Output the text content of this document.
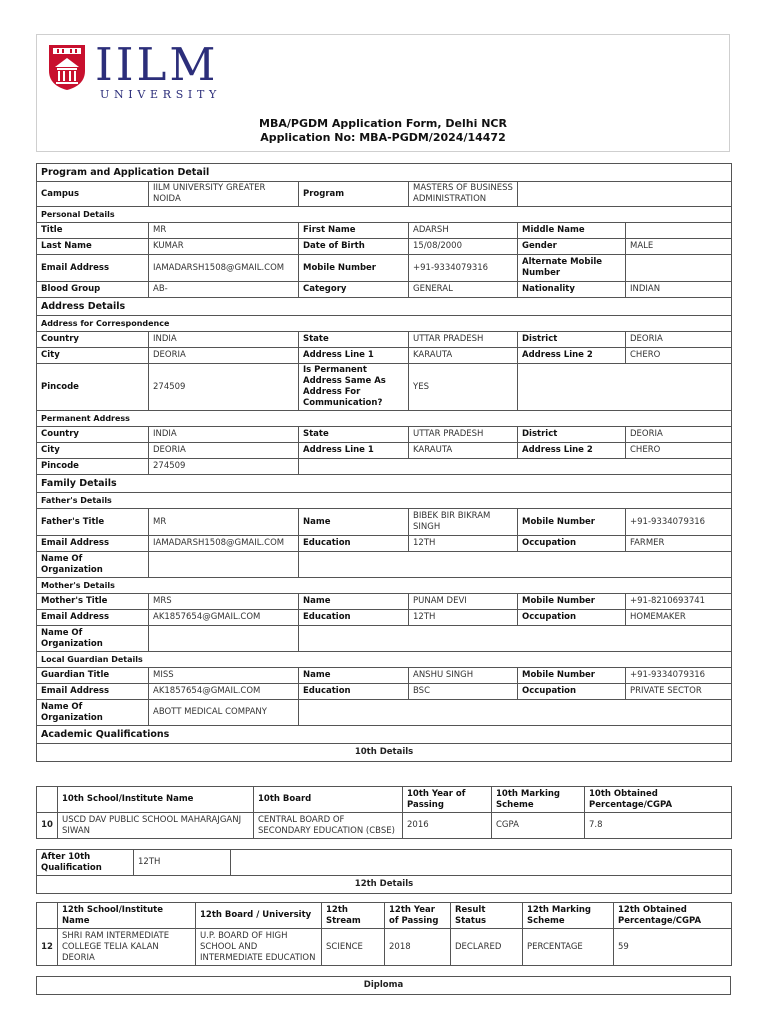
IILM
UNIVERSITY
MBA/PGDM Application Form, Delhi NCR
Application No: MBA-PGDM/2024/14472
Program and Application Detail					
Campus	IILM UNIVERSITY GREATER NOIDA	Program	MASTERS OF BUSINESS ADMINISTRATION		
Personal Details					
Title	MR	First Name	ADARSH	Middle Name	
Last Name	KUMAR	Date of Birth	15/08/2000	Gender	MALE
Email Address	IAMADARSH1508@GMAIL.COM	Mobile Number	+91-9334079316	Alternate Mobile Number	
Blood Group	AB-	Category	GENERAL	Nationality	INDIAN
Address Details					
Address for Correspondence					
Country	INDIA	State	UTTAR PRADESH	District	DEORIA
City	DEORIA	Address Line 1	KARAUTA	Address Line 2	CHERO
Pincode	274509	Is Permanent Address Same As Address For Communication?	YES		
Permanent Address					
Country	INDIA	State	UTTAR PRADESH	District	DEORIA
City	DEORIA	Address Line 1	KARAUTA	Address Line 2	CHERO
Pincode	274509				
Family Details					
Father's Details					
Father's Title	MR	Name	BIBEK BIR BIKRAM SINGH	Mobile Number	+91-9334079316
Email Address	IAMADARSH1508@GMAIL.COM	Education	12TH	Occupation	FARMER
Name Of Organization					
Mother's Details					
Mother's Title	MRS	Name	PUNAM DEVI	Mobile Number	+91-8210693741
Email Address	AK1857654@GMAIL.COM	Education	12TH	Occupation	HOMEMAKER
Name Of Organization					
Local Guardian Details					
Guardian Title	MISS	Name	ANSHU SINGH	Mobile Number	+91-9334079316
Email Address	AK1857654@GMAIL.COM	Education	BSC	Occupation	PRIVATE SECTOR
Name Of Organization	ABOTT MEDICAL COMPANY				
Academic Qualifications					
10th Details					
	10th School/Institute Name	10th Board	10th Year of Passing	10th Marking Scheme	10th Obtained Percentage/CGPA
10	USCD DAV PUBLIC SCHOOL MAHARAJGANJ SIWAN	CENTRAL BOARD OF SECONDARY EDUCATION (CBSE)	2016	CGPA	7.8
After 10th Qualification	12TH	
12th Details
	12th School/Institute Name	12th Board / University	12th Stream	12th Year of Passing	Result Status	12th Marking Scheme	12th Obtained Percentage/CGPA
12	SHRI RAM INTERMEDIATE COLLEGE TELIA KALAN DEORIA	U.P. BOARD OF HIGH SCHOOL AND INTERMEDIATE EDUCATION	SCIENCE	2018	DECLARED	PERCENTAGE	59
Diploma
